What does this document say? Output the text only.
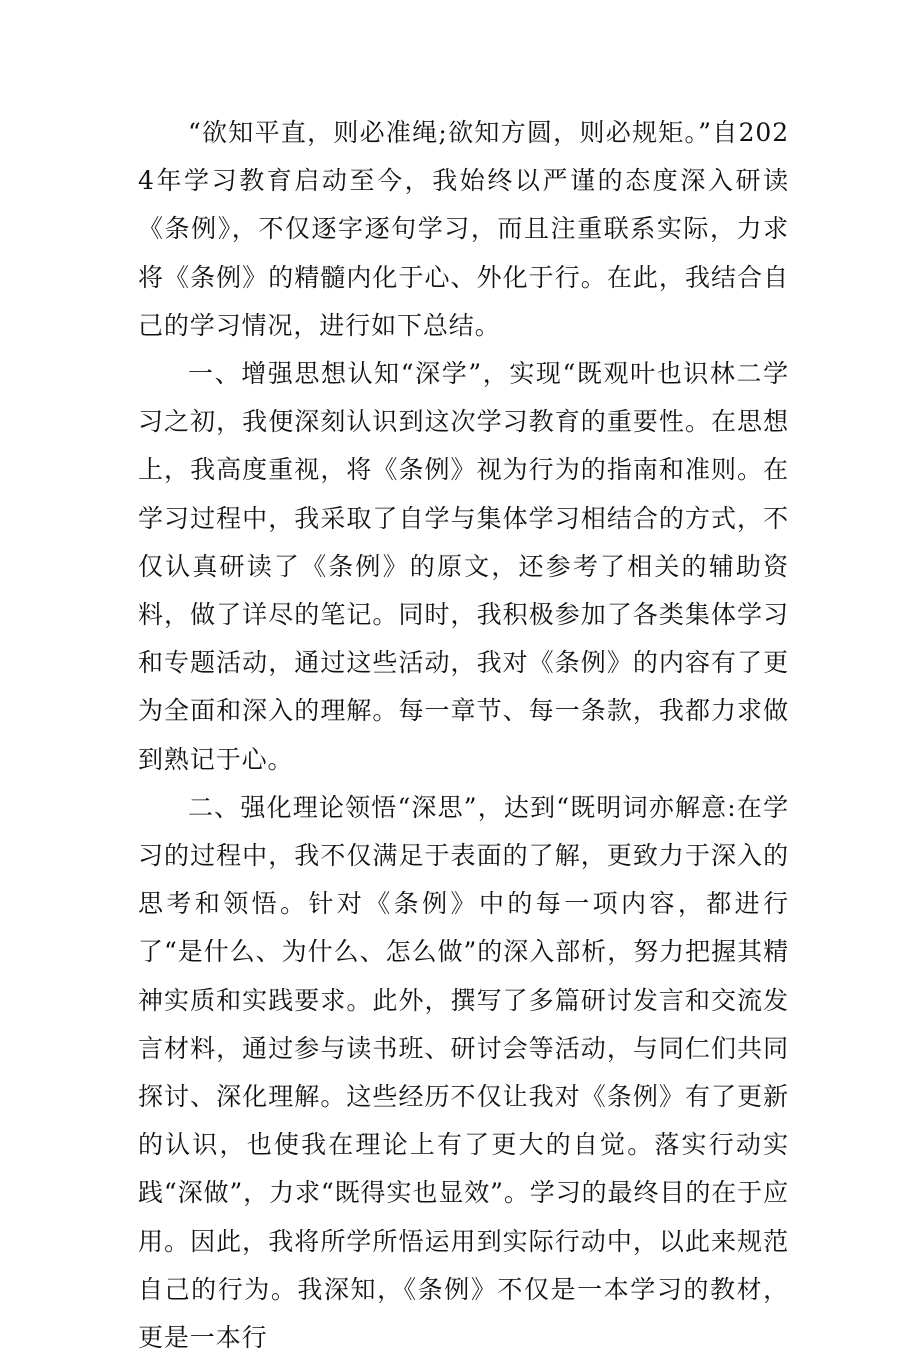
“欲知平直，则必准绳;欲知方圆，则必规矩。”自2024年学习教育启动至今，我始终以严谨的态度深入研读《条例》，不仅逐字逐句学习，而且注重联系实际，力求将《条例》的精髓内化于心、外化于行。在此，我结合自己的学习情况，进行如下总结。

一、增强思想认知“深学”，实现“既观叶也识林二学习之初，我便深刻认识到这次学习教育的重要性。在思想上，我高度重视，将《条例》视为行为的指南和准则。在学习过程中，我采取了自学与集体学习相结合的方式，不仅认真研读了《条例》的原文，还参考了相关的辅助资料，做了详尽的笔记。同时，我积极参加了各类集体学习和专题活动，通过这些活动，我对《条例》的内容有了更为全面和深入的理解。每一章节、每一条款，我都力求做到熟记于心。

二、强化理论领悟“深思”，达到“既明词亦解意:在学习的过程中，我不仅满足于表面的了解，更致力于深入的思考和领悟。针对《条例》中的每一项内容，都进行了“是什么、为什么、怎么做”的深入部析，努力把握其精神实质和实践要求。此外，撰写了多篇研讨发言和交流发言材料，通过参与读书班、研讨会等活动，与同仁们共同探讨、深化理解。这些经历不仅让我对《条例》有了更新的认识，也使我在理论上有了更大的自觉。落实行动实践“深做”，力求“既得实也显效”。学习的最终目的在于应用。因此，我将所学所悟运用到实际行动中，以此来规范自己的行为。我深知，《条例》不仅是一本学习的教材，更是一本行
